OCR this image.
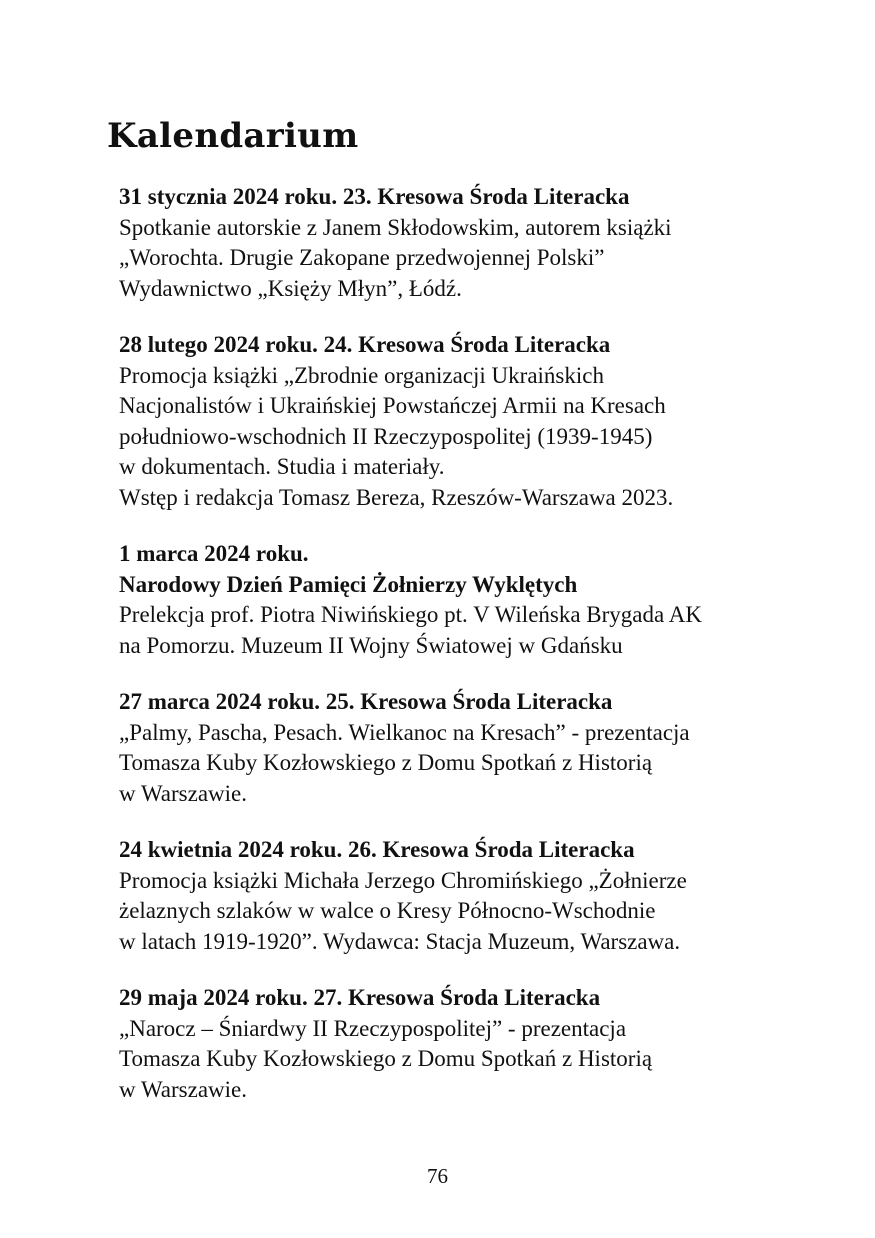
Kalendarium
31 stycznia 2024 roku. 23. Kresowa Środa Literacka
Spotkanie autorskie z Janem Skłodowskim, autorem książki
„Worochta. Drugie Zakopane przedwojennej Polski”
Wydawnictwo „Księży Młyn”, Łódź.
28 lutego 2024 roku. 24. Kresowa Środa Literacka
Promocja książki „Zbrodnie organizacji Ukraińskich
Nacjonalistów i Ukraińskiej Powstańczej Armii na Kresach
południowo-wschodnich II Rzeczypospolitej (1939-1945)
w dokumentach. Studia i materiały.
Wstęp i redakcja Tomasz Bereza, Rzeszów-Warszawa 2023.
1 marca 2024 roku.
Narodowy Dzień Pamięci Żołnierzy Wyklętych
Prelekcja prof. Piotra Niwińskiego pt. V Wileńska Brygada AK
na Pomorzu. Muzeum II Wojny Światowej w Gdańsku
27 marca 2024 roku. 25. Kresowa Środa Literacka
„Palmy, Pascha, Pesach. Wielkanoc na Kresach” - prezentacja
Tomasza Kuby Kozłowskiego z Domu Spotkań z Historią
w Warszawie.
24 kwietnia 2024 roku. 26. Kresowa Środa Literacka
Promocja książki Michała Jerzego Chromińskiego „Żołnierze
żelaznych szlaków w walce o Kresy Północno-Wschodnie
w latach 1919-1920”. Wydawca: Stacja Muzeum, Warszawa.
29 maja 2024 roku. 27. Kresowa Środa Literacka
„Narocz – Śniardwy II Rzeczypospolitej” - prezentacja
Tomasza Kuby Kozłowskiego z Domu Spotkań z Historią
w Warszawie.
76
